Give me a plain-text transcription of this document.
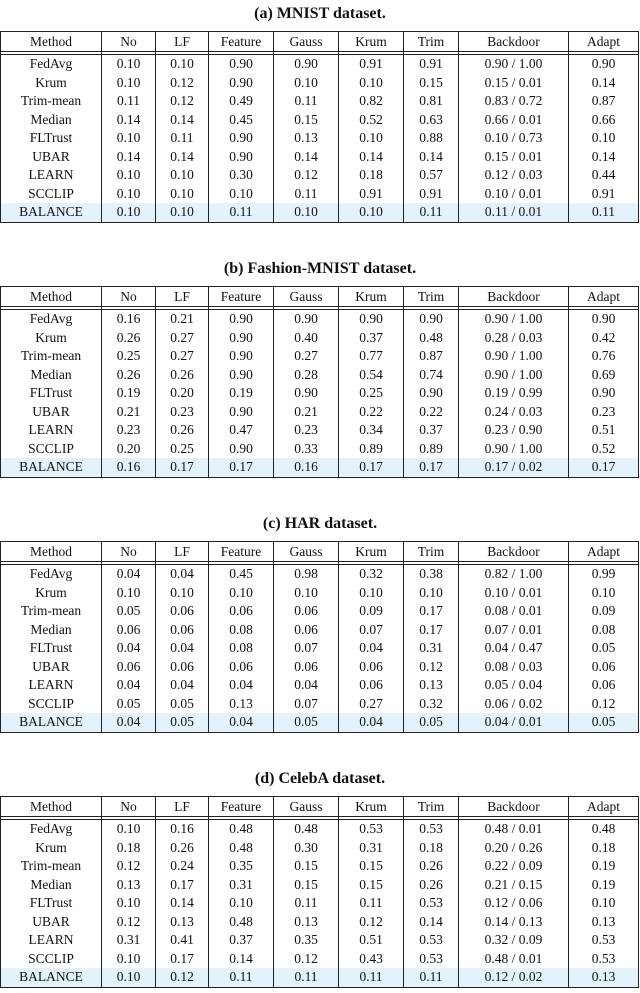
(a) MNIST dataset.
Method	No	LF	Feature	Gauss	Krum	Trim	Backdoor	Adapt

FedAvg	0.10	0.10	0.90	0.90	0.91	0.91	0.90 / 1.00	0.90
Krum	0.10	0.12	0.90	0.10	0.10	0.15	0.15 / 0.01	0.14
Trim-mean	0.11	0.12	0.49	0.11	0.82	0.81	0.83 / 0.72	0.87
Median	0.14	0.14	0.45	0.15	0.52	0.63	0.66 / 0.01	0.66
FLTrust	0.10	0.11	0.90	0.13	0.10	0.88	0.10 / 0.73	0.10
UBAR	0.14	0.14	0.90	0.14	0.14	0.14	0.15 / 0.01	0.14
LEARN	0.10	0.10	0.30	0.12	0.18	0.57	0.12 / 0.03	0.44
SCCLIP	0.10	0.10	0.10	0.11	0.91	0.91	0.10 / 0.01	0.91
BALANCE	0.10	0.10	0.11	0.10	0.10	0.11	0.11 / 0.01	0.11
(b) Fashion-MNIST dataset.
Method	No	LF	Feature	Gauss	Krum	Trim	Backdoor	Adapt

FedAvg	0.16	0.21	0.90	0.90	0.90	0.90	0.90 / 1.00	0.90
Krum	0.26	0.27	0.90	0.40	0.37	0.48	0.28 / 0.03	0.42
Trim-mean	0.25	0.27	0.90	0.27	0.77	0.87	0.90 / 1.00	0.76
Median	0.26	0.26	0.90	0.28	0.54	0.74	0.90 / 1.00	0.69
FLTrust	0.19	0.20	0.19	0.90	0.25	0.90	0.19 / 0.99	0.90
UBAR	0.21	0.23	0.90	0.21	0.22	0.22	0.24 / 0.03	0.23
LEARN	0.23	0.26	0.47	0.23	0.34	0.37	0.23 / 0.90	0.51
SCCLIP	0.20	0.25	0.90	0.33	0.89	0.89	0.90 / 1.00	0.52
BALANCE	0.16	0.17	0.17	0.16	0.17	0.17	0.17 / 0.02	0.17
(c) HAR dataset.
Method	No	LF	Feature	Gauss	Krum	Trim	Backdoor	Adapt

FedAvg	0.04	0.04	0.45	0.98	0.32	0.38	0.82 / 1.00	0.99
Krum	0.10	0.10	0.10	0.10	0.10	0.10	0.10 / 0.01	0.10
Trim-mean	0.05	0.06	0.06	0.06	0.09	0.17	0.08 / 0.01	0.09
Median	0.06	0.06	0.08	0.06	0.07	0.17	0.07 / 0.01	0.08
FLTrust	0.04	0.04	0.08	0.07	0.04	0.31	0.04 / 0.47	0.05
UBAR	0.06	0.06	0.06	0.06	0.06	0.12	0.08 / 0.03	0.06
LEARN	0.04	0.04	0.04	0.04	0.06	0.13	0.05 / 0.04	0.06
SCCLIP	0.05	0.05	0.13	0.07	0.27	0.32	0.06 / 0.02	0.12
BALANCE	0.04	0.05	0.04	0.05	0.04	0.05	0.04 / 0.01	0.05
(d) CelebA dataset.
Method	No	LF	Feature	Gauss	Krum	Trim	Backdoor	Adapt

FedAvg	0.10	0.16	0.48	0.48	0.53	0.53	0.48 / 0.01	0.48
Krum	0.18	0.26	0.48	0.30	0.31	0.18	0.20 / 0.26	0.18
Trim-mean	0.12	0.24	0.35	0.15	0.15	0.26	0.22 / 0.09	0.19
Median	0.13	0.17	0.31	0.15	0.15	0.26	0.21 / 0.15	0.19
FLTrust	0.10	0.14	0.10	0.11	0.11	0.53	0.12 / 0.06	0.10
UBAR	0.12	0.13	0.48	0.13	0.12	0.14	0.14 / 0.13	0.13
LEARN	0.31	0.41	0.37	0.35	0.51	0.53	0.32 / 0.09	0.53
SCCLIP	0.10	0.17	0.14	0.12	0.43	0.53	0.48 / 0.01	0.53
BALANCE	0.10	0.12	0.11	0.11	0.11	0.11	0.12 / 0.02	0.13
